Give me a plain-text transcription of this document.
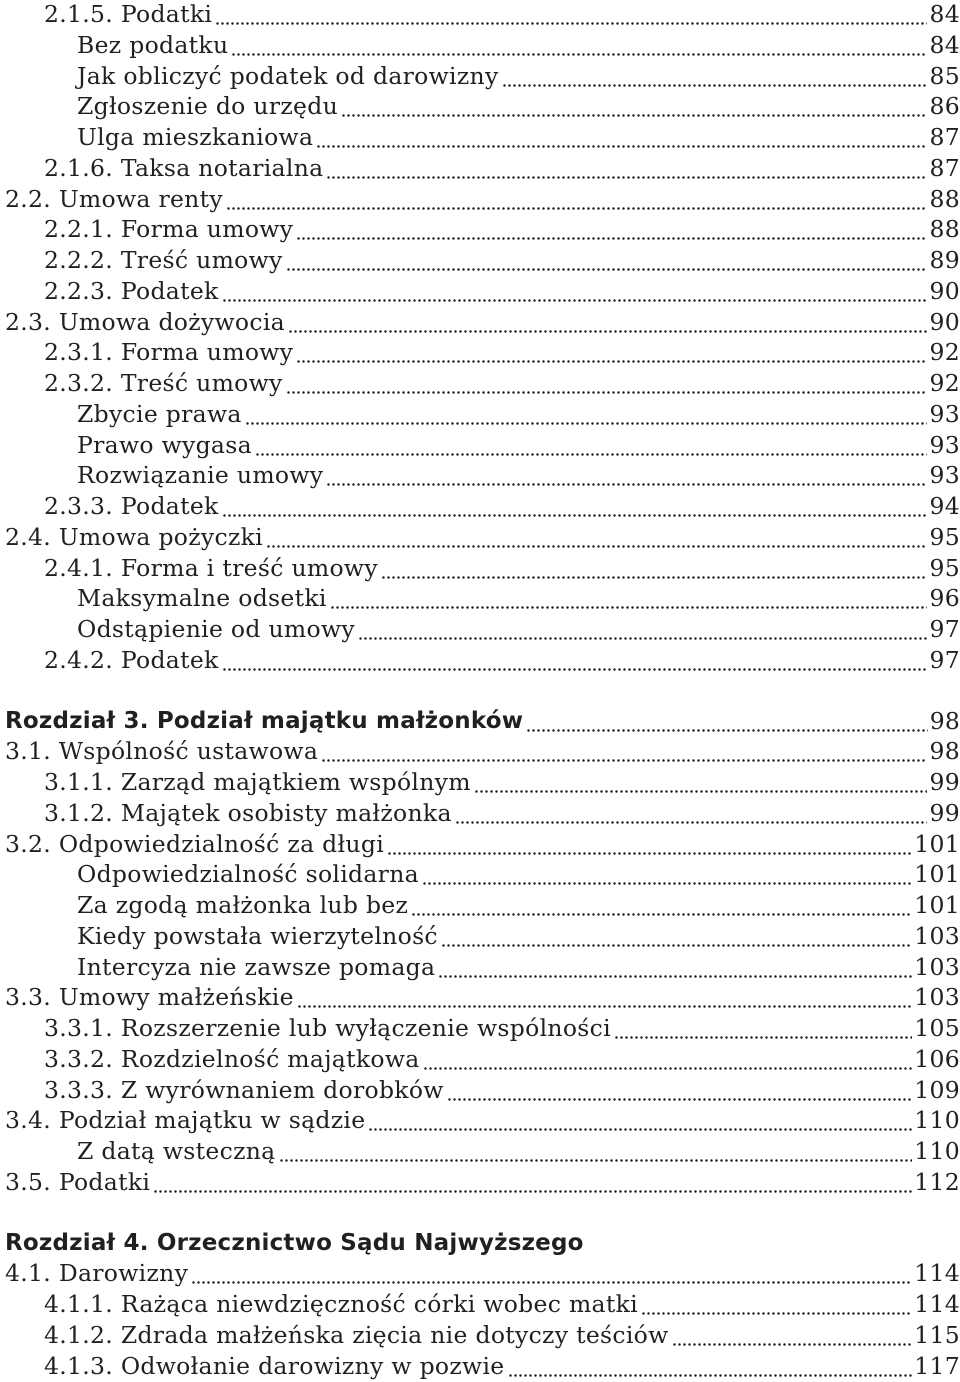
2.1.5. Podatki	84
Bez podatku	84
Jak obliczyć podatek od darowizny	85
Zgłoszenie do urzędu	86
Ulga mieszkaniowa	87
2.1.6. Taksa notarialna	87
2.2. Umowa renty	88
2.2.1. Forma umowy	88
2.2.2. Treść umowy	89
2.2.3. Podatek	90
2.3. Umowa dożywocia	90
2.3.1. Forma umowy	92
2.3.2. Treść umowy	92
Zbycie prawa	93
Prawo wygasa	93
Rozwiązanie umowy	93
2.3.3. Podatek	94
2.4. Umowa pożyczki	95
2.4.1. Forma i treść umowy	95
Maksymalne odsetki	96
Odstąpienie od umowy	97
2.4.2. Podatek	97
Rozdział 3. Podział majątku małżonków	98
3.1. Wspólność ustawowa	98
3.1.1. Zarząd majątkiem wspólnym	99
3.1.2. Majątek osobisty małżonka	99
3.2. Odpowiedzialność za długi	101
Odpowiedzialność solidarna	101
Za zgodą małżonka lub bez	101
Kiedy powstała wierzytelność	103
Intercyza nie zawsze pomaga	103
3.3. Umowy małżeńskie	103
3.3.1. Rozszerzenie lub wyłączenie wspólności	105
3.3.2. Rozdzielność majątkowa	106
3.3.3. Z wyrównaniem dorobków	109
3.4. Podział majątku w sądzie	110
Z datą wsteczną	110
3.5. Podatki	112
Rozdział 4. Orzecznictwo Sądu Najwyższego
4.1. Darowizny	114
4.1.1. Rażąca niewdzięczność córki wobec matki	114
4.1.2. Zdrada małżeńska zięcia nie dotyczy teściów	115
4.1.3. Odwołanie darowizny w pozwie	117
